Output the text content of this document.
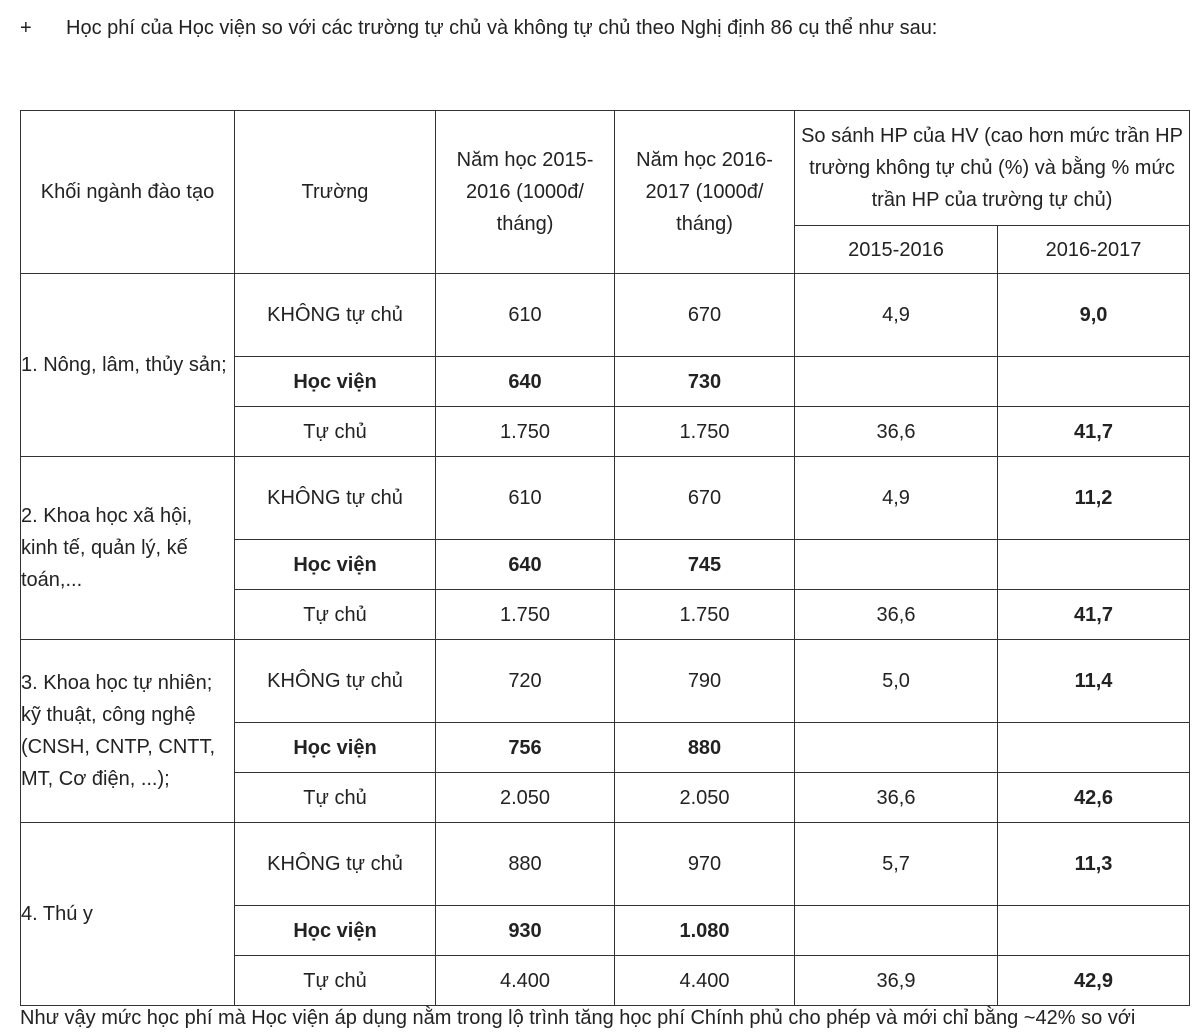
+ Học phí của Học viện so với các trường tự chủ và không tự chủ theo Nghị định 86 cụ thể như sau:
Khối ngành đào tạo	Trường	Năm học 2015-2016 (1000đ/ tháng)	Năm học 2016-2017 (1000đ/ tháng)	So sánh HP của HV (cao hơn mức trần HP trường không tự chủ (%) và bằng % mức trần HP của trường tự chủ)	
				2015-2016	2016-2017
1. Nông, lâm, thủy sản;	KHÔNG tự chủ	610	670	4,9	9,0
	Học viện	640	730		
	Tự chủ	1.750	1.750	36,6	41,7
2. Khoa học xã hội, kinh tế, quản lý, kế toán,...	KHÔNG tự chủ	610	670	4,9	11,2
	Học viện	640	745		
	Tự chủ	1.750	1.750	36,6	41,7
3. Khoa học tự nhiên; kỹ thuật, công nghệ (CNSH, CNTP, CNTT, MT, Cơ điện, ...);	KHÔNG tự chủ	720	790	5,0	11,4
	Học viện	756	880		
	Tự chủ	2.050	2.050	36,6	42,6
4. Thú y	KHÔNG tự chủ	880	970	5,7	11,3
	Học viện	930	1.080		
	Tự chủ	4.400	4.400	36,9	42,9
Như vậy mức học phí mà Học viện áp dụng nằm trong lộ trình tăng học phí Chính phủ cho phép và mới chỉ bằng ~42% so với
